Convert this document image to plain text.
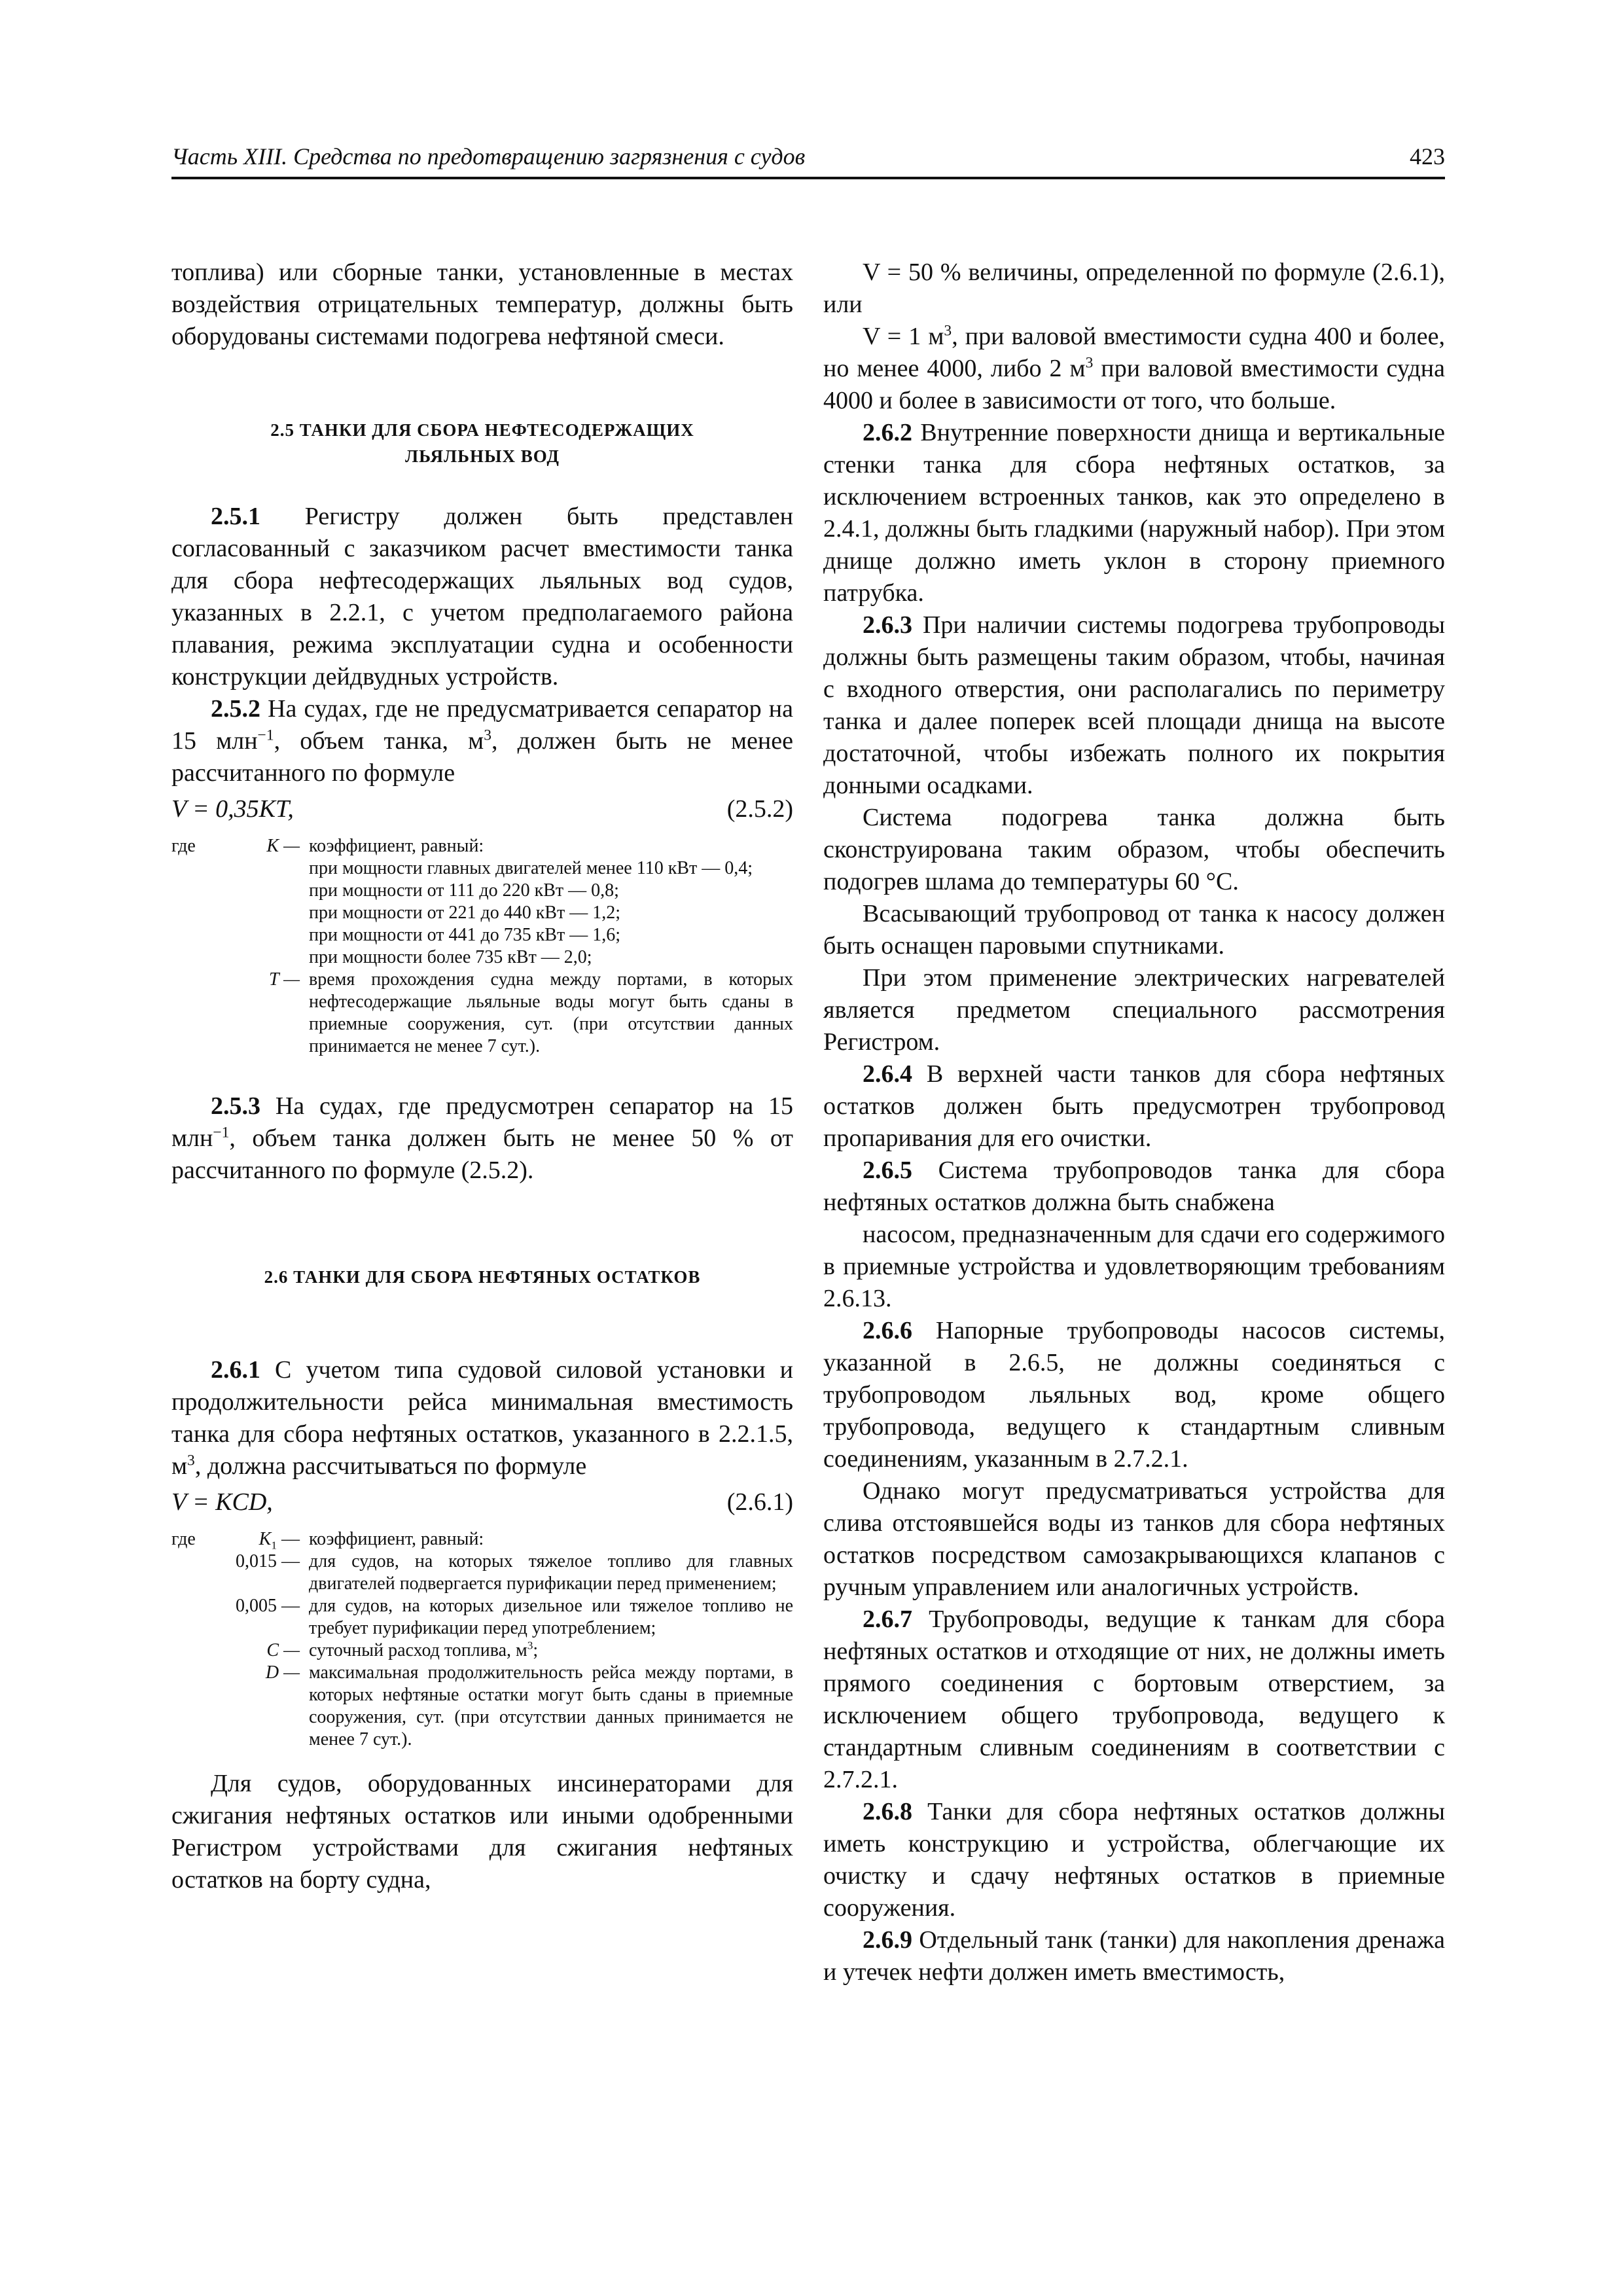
Часть XIII. Средства по предотвращению загрязнения с судов	423

топлива) или сборные танки, установленные в местах воздействия отрицательных температур, должны быть оборудованы системами подогрева нефтяной смеси.

2.5 ТАНКИ ДЛЯ СБОРА НЕФТЕСОДЕРЖАЩИХ
ЛЬЯЛЬНЫХ ВОД

2.5.1 Регистру должен быть представлен согласованный с заказчиком расчет вместимости танка для сбора нефтесодержащих льяльных вод судов, указанных в 2.2.1, с учетом предполагаемого района плавания, режима эксплуатации судна и особенности конструкции дейдвудных устройств.

2.5.2 На судах, где не предусматривается сепаратор на 15 млн$^{-1}$, объем танка, $м^3$, должен быть не менее рассчитанного по формуле

V = 0,35KT,	(2.5.2)
где	K — коэффициент, равный:
при мощности главных двигателей менее 110 кВт — 0,4;
при мощности от 111 до 220 кВт — 0,8;
при мощности от 221 до 440 кВт — 1,2;
при мощности от 441 до 735 кВт — 1,6;
при мощности более 735 кВт — 2,0;
T — время прохождения судна между портами, в которых нефтесодержащие льяльные воды могут быть сданы в приемные сооружения, сут. (при отсутствии данных принимается не менее 7 сут.).

2.5.3 На судах, где предусмотрен сепаратор на 15 млн$^{-1}$, объем танка должен быть не менее 50 % от рассчитанного по формуле (2.5.2).

2.6 ТАНКИ ДЛЯ СБОРА НЕФТЯНЫХ ОСТАТКОВ

2.6.1 С учетом типа судовой силовой установки и продолжительности рейса минимальная вместимость танка для сбора нефтяных остатков, указанного в 2.2.1.5, $м^3$, должна рассчитываться по формуле

V = KCD,	(2.6.1)
где	$K_1$ — коэффициент, равный:
0,015 — для судов, на которых тяжелое топливо для главных двигателей подвергается пурификации перед применением;
0,005 — для судов, на которых дизельное или тяжелое топливо не требует пурификации перед употреблением;
C — суточный расход топлива, $м^3$;
D — максимальная продолжительность рейса между портами, в которых нефтяные остатки могут быть сданы в приемные сооружения, сут. (при отсутствии данных принимается не менее 7 сут.).

Для судов, оборудованных инсинераторами для сжигания нефтяных остатков или иными одобренными Регистром устройствами для сжигания нефтяных остатков на борту судна,

V = 50 % величины, определенной по формуле (2.6.1), или

V = 1 $м^3$, при валовой вместимости судна 400 и более, но менее 4000, либо 2 $м^3$ при валовой вместимости судна 4000 и более в зависимости от того, что больше.

2.6.2 Внутренние поверхности днища и вертикальные стенки танка для сбора нефтяных остатков, за исключением встроенных танков, как это определено в 2.4.1, должны быть гладкими (наружный набор). При этом днище должно иметь уклон в сторону приемного патрубка.

2.6.3 При наличии системы подогрева трубопроводы должны быть размещены таким образом, чтобы, начиная с входного отверстия, они располагались по периметру танка и далее поперек всей площади днища на высоте достаточной, чтобы избежать полного их покрытия донными осадками.

Система подогрева танка должна быть сконструирована таким образом, чтобы обеспечить подогрев шлама до температуры 60 °С.

Всасывающий трубопровод от танка к насосу должен быть оснащен паровыми спутниками.

При этом применение электрических нагревателей является предметом специального рассмотрения Регистром.

2.6.4 В верхней части танков для сбора нефтяных остатков должен быть предусмотрен трубопровод пропаривания для его очистки.

2.6.5 Система трубопроводов танка для сбора нефтяных остатков должна быть снабжена

насосом, предназначенным для сдачи его содержимого в приемные устройства и удовлетворяющим требованиям 2.6.13.

2.6.6 Напорные трубопроводы насосов системы, указанной в 2.6.5, не должны соединяться с трубопроводом льяльных вод, кроме общего трубопровода, ведущего к стандартным сливным соединениям, указанным в 2.7.2.1.

Однако могут предусматриваться устройства для слива отстоявшейся воды из танков для сбора нефтяных остатков посредством самозакрывающихся клапанов с ручным управлением или аналогичных устройств.

2.6.7 Трубопроводы, ведущие к танкам для сбора нефтяных остатков и отходящие от них, не должны иметь прямого соединения с бортовым отверстием, за исключением общего трубопровода, ведущего к стандартным сливным соединениям в соответствии с 2.7.2.1.

2.6.8 Танки для сбора нефтяных остатков должны иметь конструкцию и устройства, облегчающие их очистку и сдачу нефтяных остатков в приемные сооружения.

2.6.9 Отдельный танк (танки) для накопления дренажа и утечек нефти должен иметь вместимость,
